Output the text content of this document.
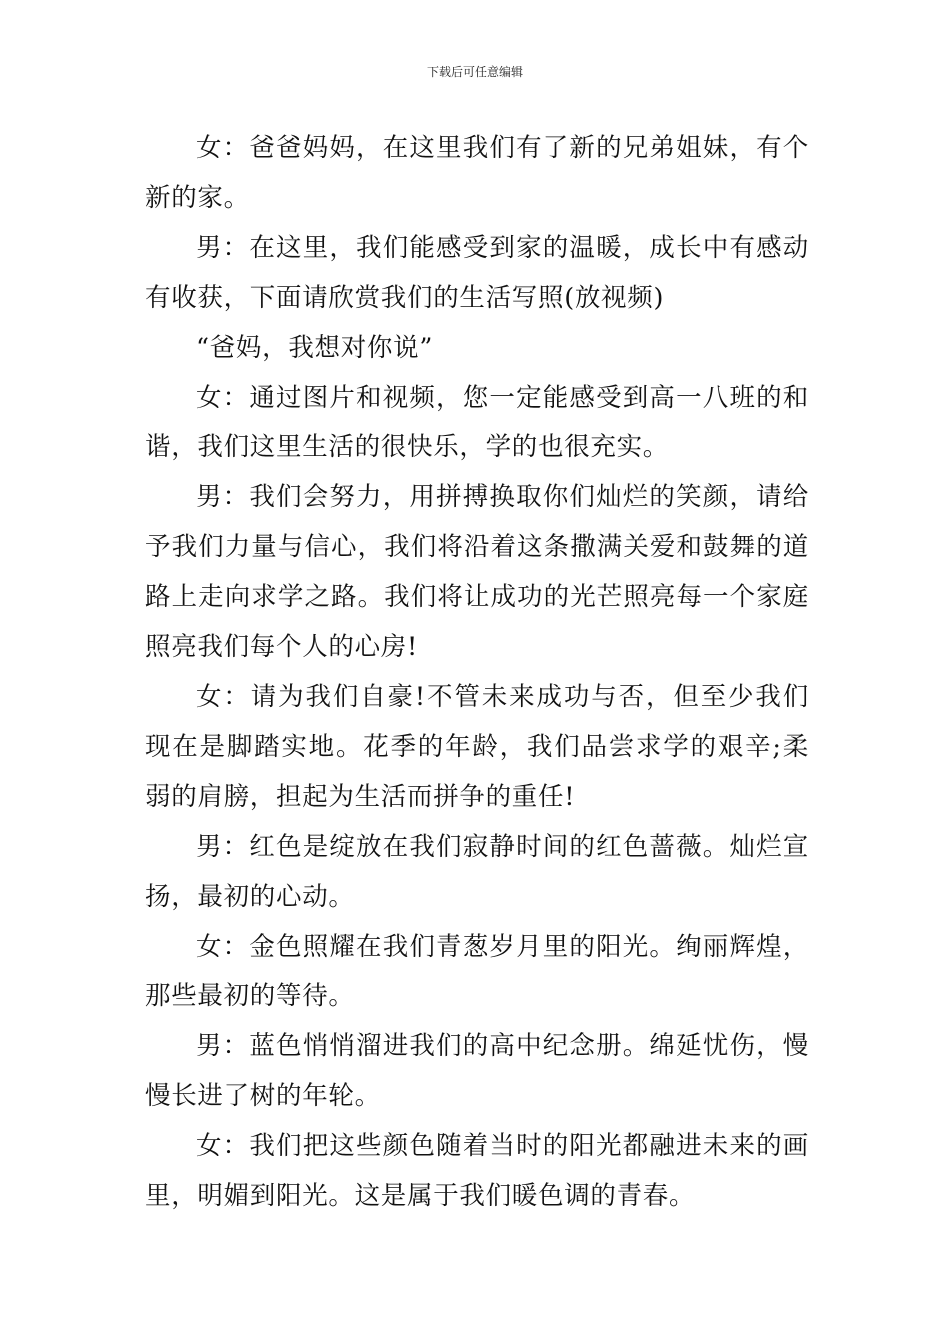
下载后可任意编辑

女：爸爸妈妈，在这里我们有了新的兄弟姐妹，有个新的家。

男：在这里，我们能感受到家的温暖，成长中有感动有收获，下面请欣赏我们的生活写照(放视频)

“爸妈，我想对你说”

女：通过图片和视频，您一定能感受到高一八班的和谐，我们这里生活的很快乐，学的也很充实。

男：我们会努力，用拼搏换取你们灿烂的笑颜，请给予我们力量与信心，我们将沿着这条撒满关爱和鼓舞的道路上走向求学之路。我们将让成功的光芒照亮每一个家庭照亮我们每个人的心房!

女：请为我们自豪!不管未来成功与否，但至少我们现在是脚踏实地。花季的年龄，我们品尝求学的艰辛;柔弱的肩膀，担起为生活而拼争的重任!

男：红色是绽放在我们寂静时间的红色蔷薇。灿烂宣扬，最初的心动。

女：金色照耀在我们青葱岁月里的阳光。绚丽辉煌，那些最初的等待。

男：蓝色悄悄溜进我们的高中纪念册。绵延忧伤，慢慢长进了树的年轮。

女：我们把这些颜色随着当时的阳光都融进未来的画里，明媚到阳光。这是属于我们暖色调的青春。
